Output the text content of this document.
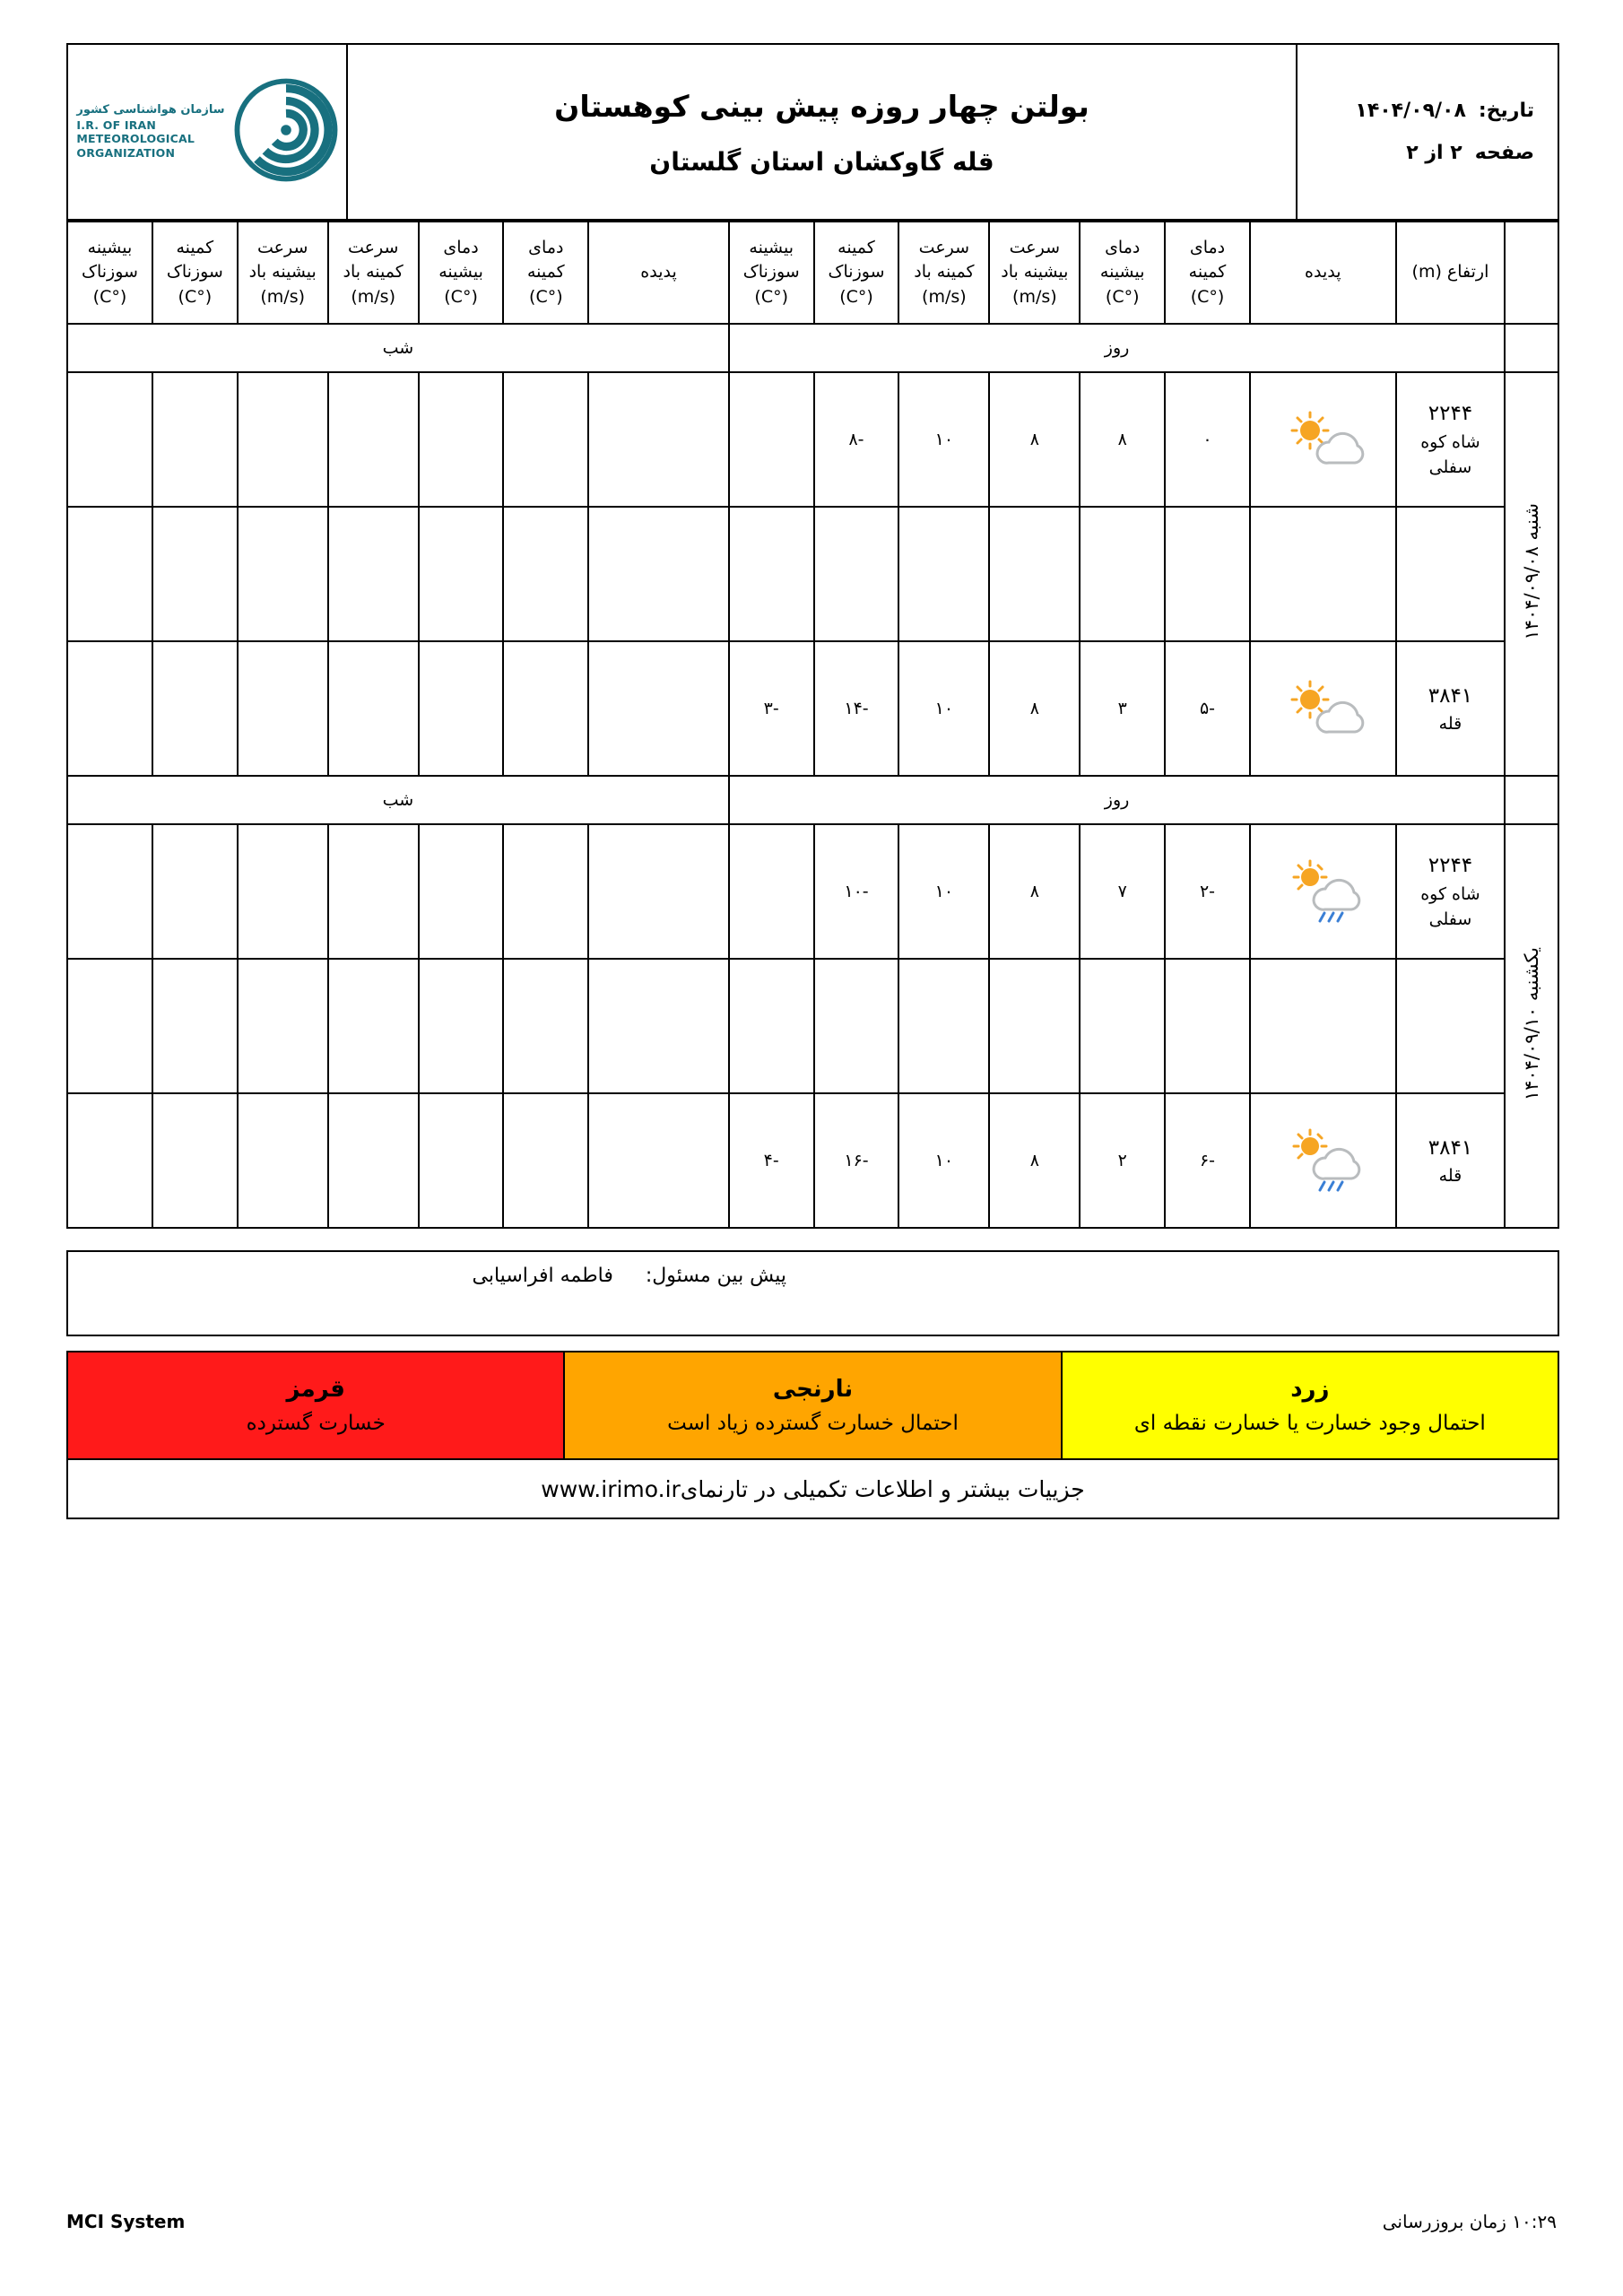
تاریخ:
۱۴۰۴/۰۹/۰۸
صفحه
۲ از ۲

بولتن چهار روزه پیش بینی کوهستان
قله گاوکشان استان گلستان

سازمان هواشناسی کشور
I.R. OF IRAN
METEOROLOGICAL
ORGANIZATION

ارتفاع (m)

پدیده

دمای
کمینه
(°C)

دمای
بیشینه
(°C)

سرعت
بیشینه باد
(m/s)

سرعت
کمینه باد
(m/s)

کمینه
سوزناک
(°C)

بیشینه
سوزناک
(°C)

پدیده

دمای
کمینه
(°C)

دمای
بیشینه
(°C)

سرعت
کمینه باد
(m/s)

سرعت
بیشینه باد
(m/s)

کمینه
سوزناک
(°C)

بیشینه
سوزناک
(°C)

	روز								شب						
شنبه ۱۴۰۴/۰۹/۰۸	۲۲۴۴
شاه کوه سفلی		۰	۸	۸	۱۰	-۸								

	۳۸۴۱
قله		-۵	۳	۸	۱۰	-۱۴	-۳							
	روز								شب						
یکشنبه ۱۴۰۴/۰۹/۱۰	۲۲۴۴
شاه کوه سفلی		-۲	۷	۸	۱۰	-۱۰								

	۳۸۴۱
قله		-۶	۲	۸	۱۰	-۱۶	-۴							
پیش بین مسئول:
فاطمه افراسیابی
زرد
احتمال وجود خسارت یا خسارت نقطه ای
نارنجی
احتمال خسارت گسترده زیاد است
قرمز
خسارت گسترده
جزییات بیشتر و اطلاعات تکمیلی در تارنمای
www.irimo.ir
MCI System	۱۰:۲۹ زمان بروزرسانی
